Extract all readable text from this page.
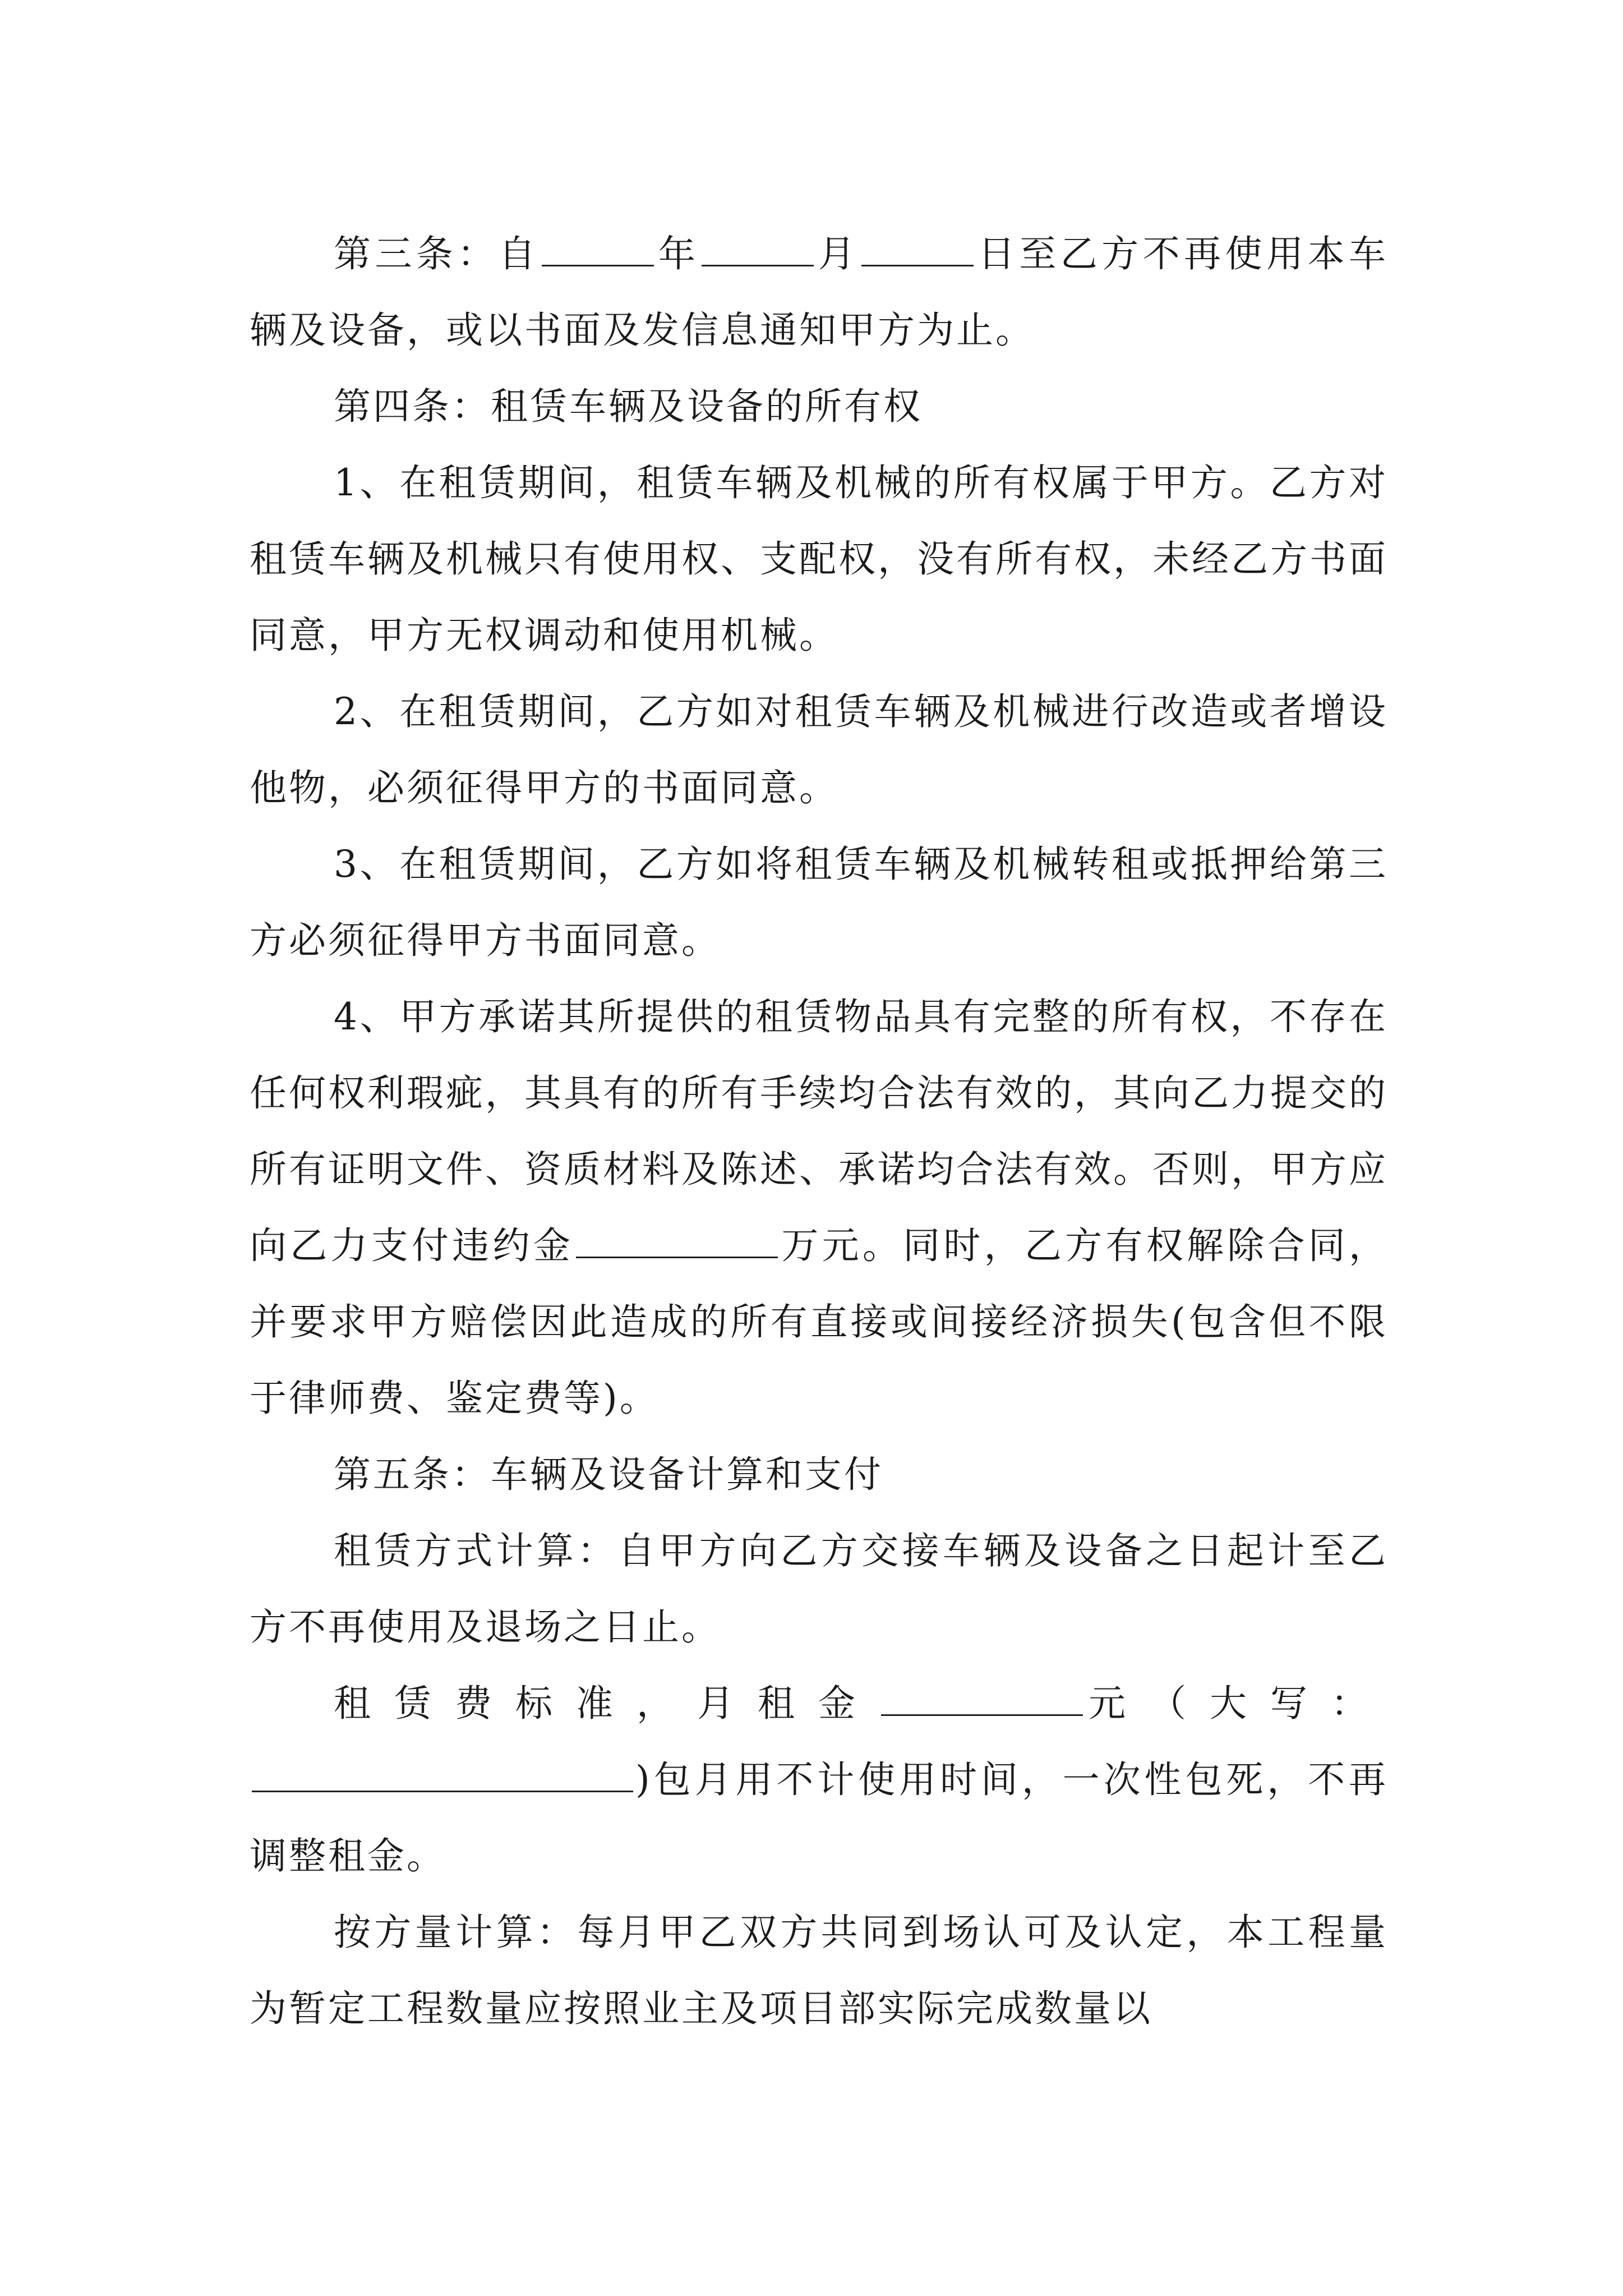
第三条：自	年	月	日至乙方不再使用本车辆及设备，或以书面及发信息通知甲方为止。

第四条：租赁车辆及设备的所有权

1、在租赁期间，租赁车辆及机械的所有权属于甲方。乙方对租赁车辆及机械只有使用权、支配权，没有所有权，未经乙方书面同意，甲方无权调动和使用机械。

2、在租赁期间，乙方如对租赁车辆及机械进行改造或者增设他物，必须征得甲方的书面同意。

3、在租赁期间，乙方如将租赁车辆及机械转租或抵押给第三方必须征得甲方书面同意。

4、甲方承诺其所提供的租赁物品具有完整的所有权，不存在任何权利瑕疵，其具有的所有手续均合法有效的，其向乙力提交的所有证明文件、资质材料及陈述、承诺均合法有效。否则，甲方应向乙力支付违约金	万元。同时，乙方有权解除合同，并要求甲方赔偿因此造成的所有直接或间接经济损失(包含但不限于律师费、鉴定费等)。

第五条：车辆及设备计算和支付

租赁方式计算：自甲方向乙方交接车辆及设备之日起计至乙方不再使用及退场之日止。

租赁费标准，月租金	元（大写：)包月用不计使用时间，一次性包死，不再调整租金。

按方量计算：每月甲乙双方共同到场认可及认定，本工程量为暂定工程数量应按照业主及项目部实际完成数量以
